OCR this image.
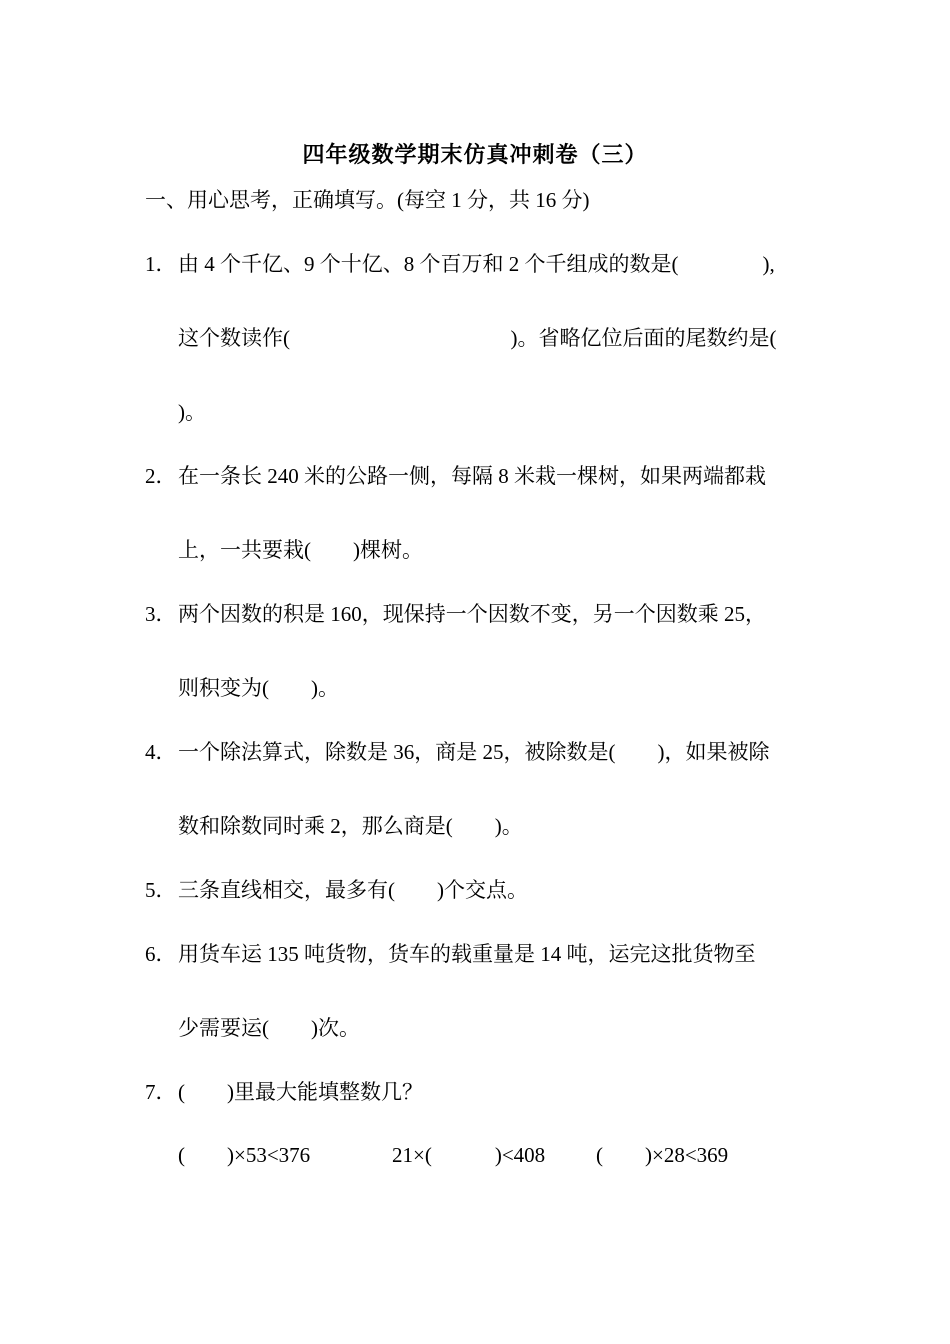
四年级数学期末仿真冲刺卷（三）
一、用心思考，正确填写。(每空 1 分，共 16 分)
1． 由 4 个千亿、9 个十亿、8 个百万和 2 个千组成的数是(                ),
这个数读作(                                          )。省略亿位后面的尾数约是(
)。
2． 在一条长 240 米的公路一侧，每隔 8 米栽一棵树，如果两端都栽
上，一共要栽(        )棵树。
3． 两个因数的积是 160，现保持一个因数不变，另一个因数乘 25，
则积变为(        )。
4． 一个除法算式，除数是 36，商是 25，被除数是(        )，如果被除
数和除数同时乘 2，那么商是(        )。
5． 三条直线相交，最多有(        )个交点。
6． 用货车运 135 吨货物，货车的载重量是 14 吨，运完这批货物至
少需要运(        )次。
7． (        )里最大能填整数几？
(        )×53<376	21×(            )<408 (        )×28<369
